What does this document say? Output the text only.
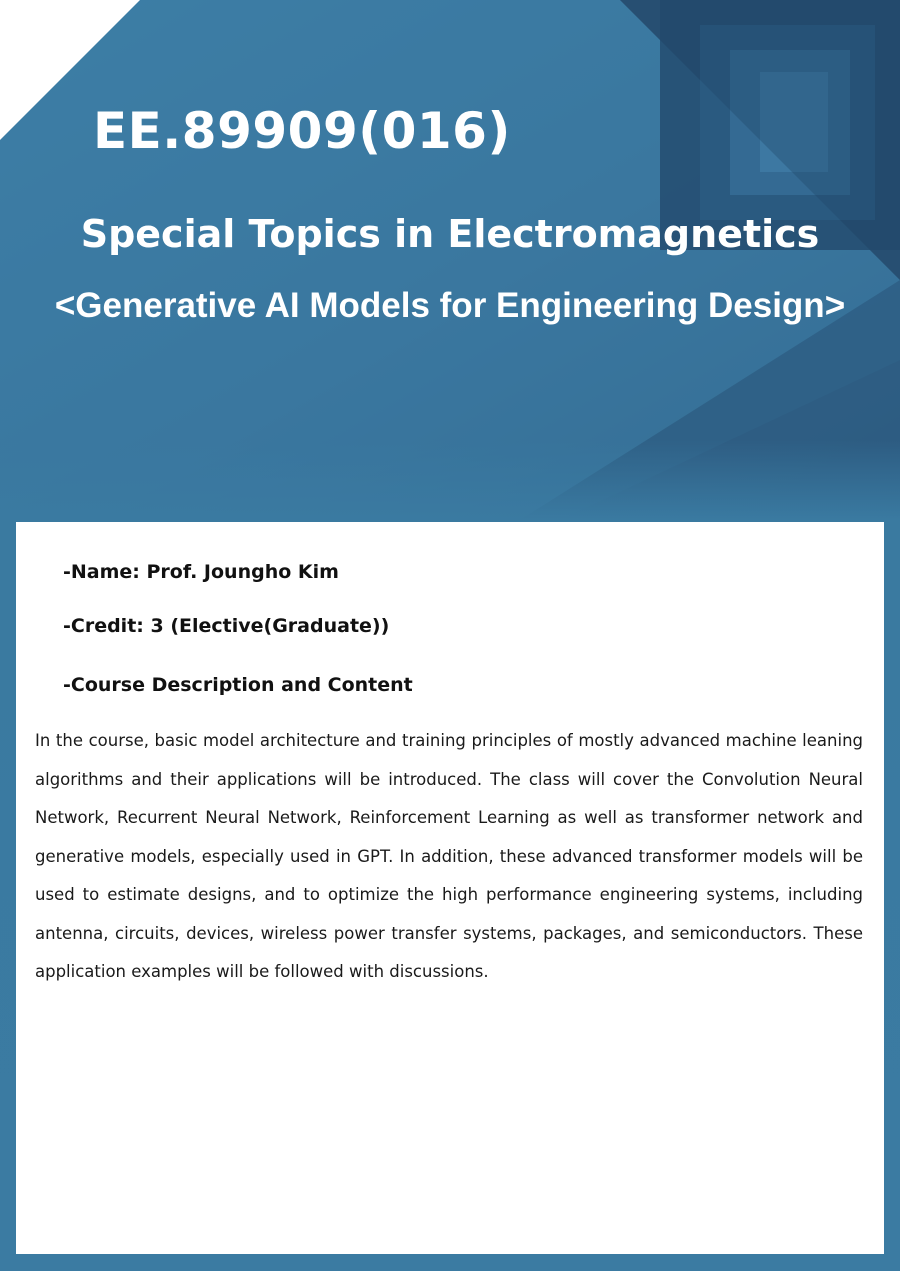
EE.89909(016)
Special Topics in Electromagnetics
<Generative AI Models for Engineering Design>

-Name: Prof. Joungho Kim

-Credit: 3 (Elective(Graduate))

-Course Description and Content

In the course, basic model architecture and training principles of mostly advanced machine leaning algorithms and their applications will be introduced. The class will cover the Convolution Neural Network, Recurrent Neural Network, Reinforcement Learning as well as transformer network and generative models, especially used in GPT. In addition, these advanced transformer models will be used to estimate designs, and to optimize the high performance engineering systems, including antenna, circuits, devices, wireless power transfer systems, packages, and semiconductors. These application examples will be followed with discussions.
